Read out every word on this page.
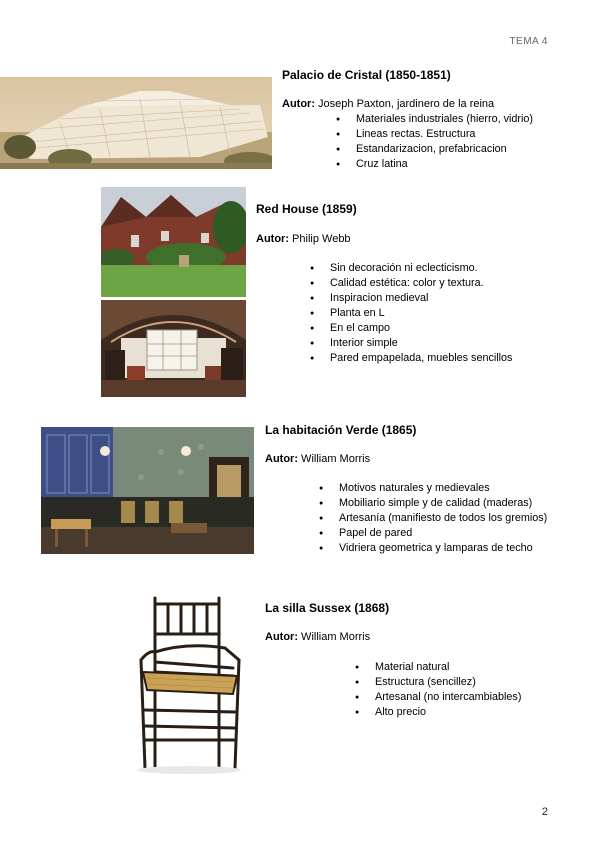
TEMA 4
2
Palacio de Cristal (1850-1851)
Autor: Joseph Paxton, jardinero de la reina
● Materiales industriales (hierro, vidrio)
● Lineas rectas. Estructura
● Estandarizacion, prefabricacion
● Cruz latina
Red House (1859)
Autor: Philip Webb
● Sin decoración ni eclecticismo.
● Calidad estética: color y textura.
● Inspiracion medieval
● Planta en L
● En el campo
● Interior simple
● Pared empapelada, muebles sencillos
La habitación Verde (1865)
Autor: William Morris
● Motivos naturales y medievales
● Mobiliario simple y de calidad (maderas)
● Artesanía (manifiesto de todos los gremios)
● Papel de pared
● Vidriera geometrica y lamparas de techo
La silla Sussex (1868)
Autor: William Morris
● Material natural
● Estructura (sencillez)
● Artesanal (no intercambiables)
● Alto precio
